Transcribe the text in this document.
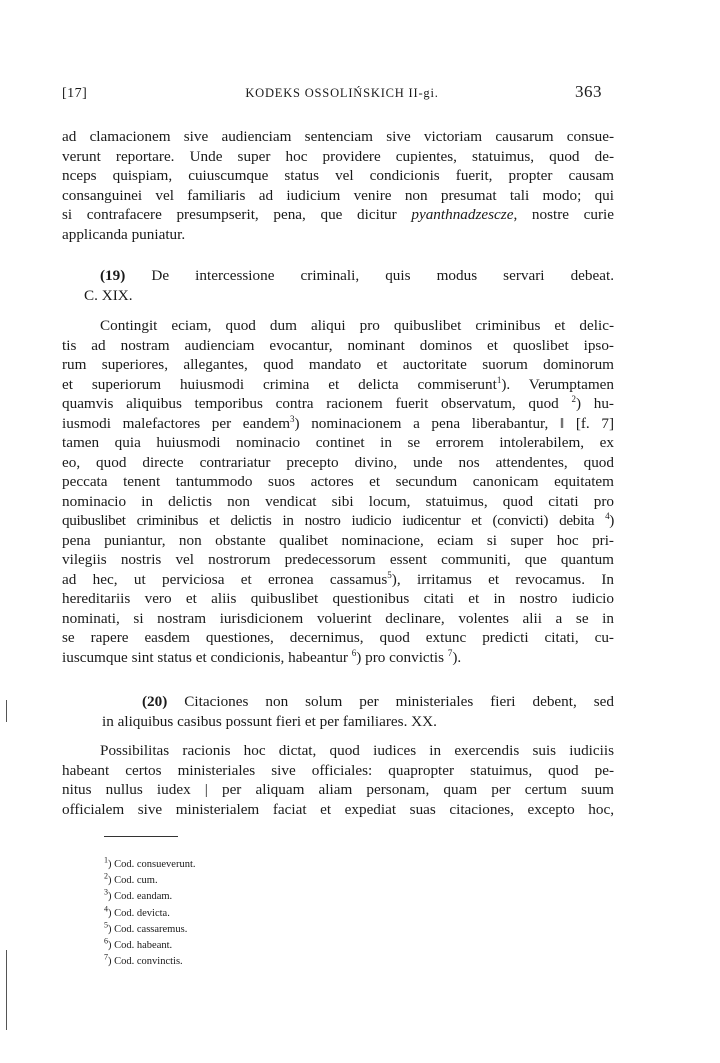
[17]	KODEKS OSSOLIŃSKICH II-gi.	363
ad clamacionem sive audienciam sentenciam sive victoriam causarum consue-
verunt reportare. Unde super hoc providere cupientes, statuimus, quod de-
nceps quispiam, cuiuscumque status vel condicionis fuerit, propter causam
consanguinei vel familiaris ad iudicium venire non presumat tali modo; qui
si contrafacere presumpserit, pena, que dicitur pyanthnadzescze, nostre curie
applicanda puniatur.
(19) De intercessione criminali, quis modus servari debeat.
C. XIX.
Contingit eciam, quod dum aliqui pro quibuslibet criminibus et delic-
tis ad nostram audienciam evocantur, nominant dominos et quoslibet ipso-
rum superiores, allegantes, quod mandato et auctoritate suorum dominorum
et superiorum huiusmodi crimina et delicta commiserunt$^1$). Verumptamen
quamvis aliquibus temporibus contra racionem fuerit observatum, quod $^2$) hu-
iusmodi malefactores per eandem$^3$) nominacionem a pena liberabantur, ‖ [f. 7]
tamen quia huiusmodi nominacio continet in se errorem intolerabilem, ex
eo, quod directe contrariatur precepto divino, unde nos attendentes, quod
peccata tenent tantummodo suos actores et secundum canonicam equitatem
nominacio in delictis non vendicat sibi locum, statuimus, quod citati pro
quibuslibet criminibus et delictis in nostro iudicio iudicentur et (convicti) debita $^4$)
pena puniantur, non obstante qualibet nominacione, eciam si super hoc pri-
vilegiis nostris vel nostrorum predecessorum essent communiti, que quantum
ad hec, ut perviciosa et erronea cassamus$^5$), irritamus et revocamus. In
hereditariis vero et aliis quibuslibet questionibus citati et in nostro iudicio
nominati, si nostram iurisdicionem voluerint declinare, volentes alii a se in
se rapere easdem questiones, decernimus, quod extunc predicti citati, cu-
iuscumque sint status et condicionis, habeantur $^6$) pro convictis $^7$).
(20) Citaciones non solum per ministeriales fieri debent, sed
in aliquibus casibus possunt fieri et per familiares. XX.
Possibilitas racionis hoc dictat, quod iudices in exercendis suis iudiciis
habeant certos ministeriales sive officiales: quapropter statuimus, quod pe-
nitus nullus iudex | per aliquam aliam personam, quam per certum suum
officialem sive ministerialem faciat et expediat suas citaciones, excepto hoc,
$^1$) Cod. consueverunt.
$^2$) Cod. cum.
$^3$) Cod. eandam.
$^4$) Cod. devicta.
$^5$) Cod. cassaremus.
$^6$) Cod. habeant.
$^7$) Cod. convinctis.
